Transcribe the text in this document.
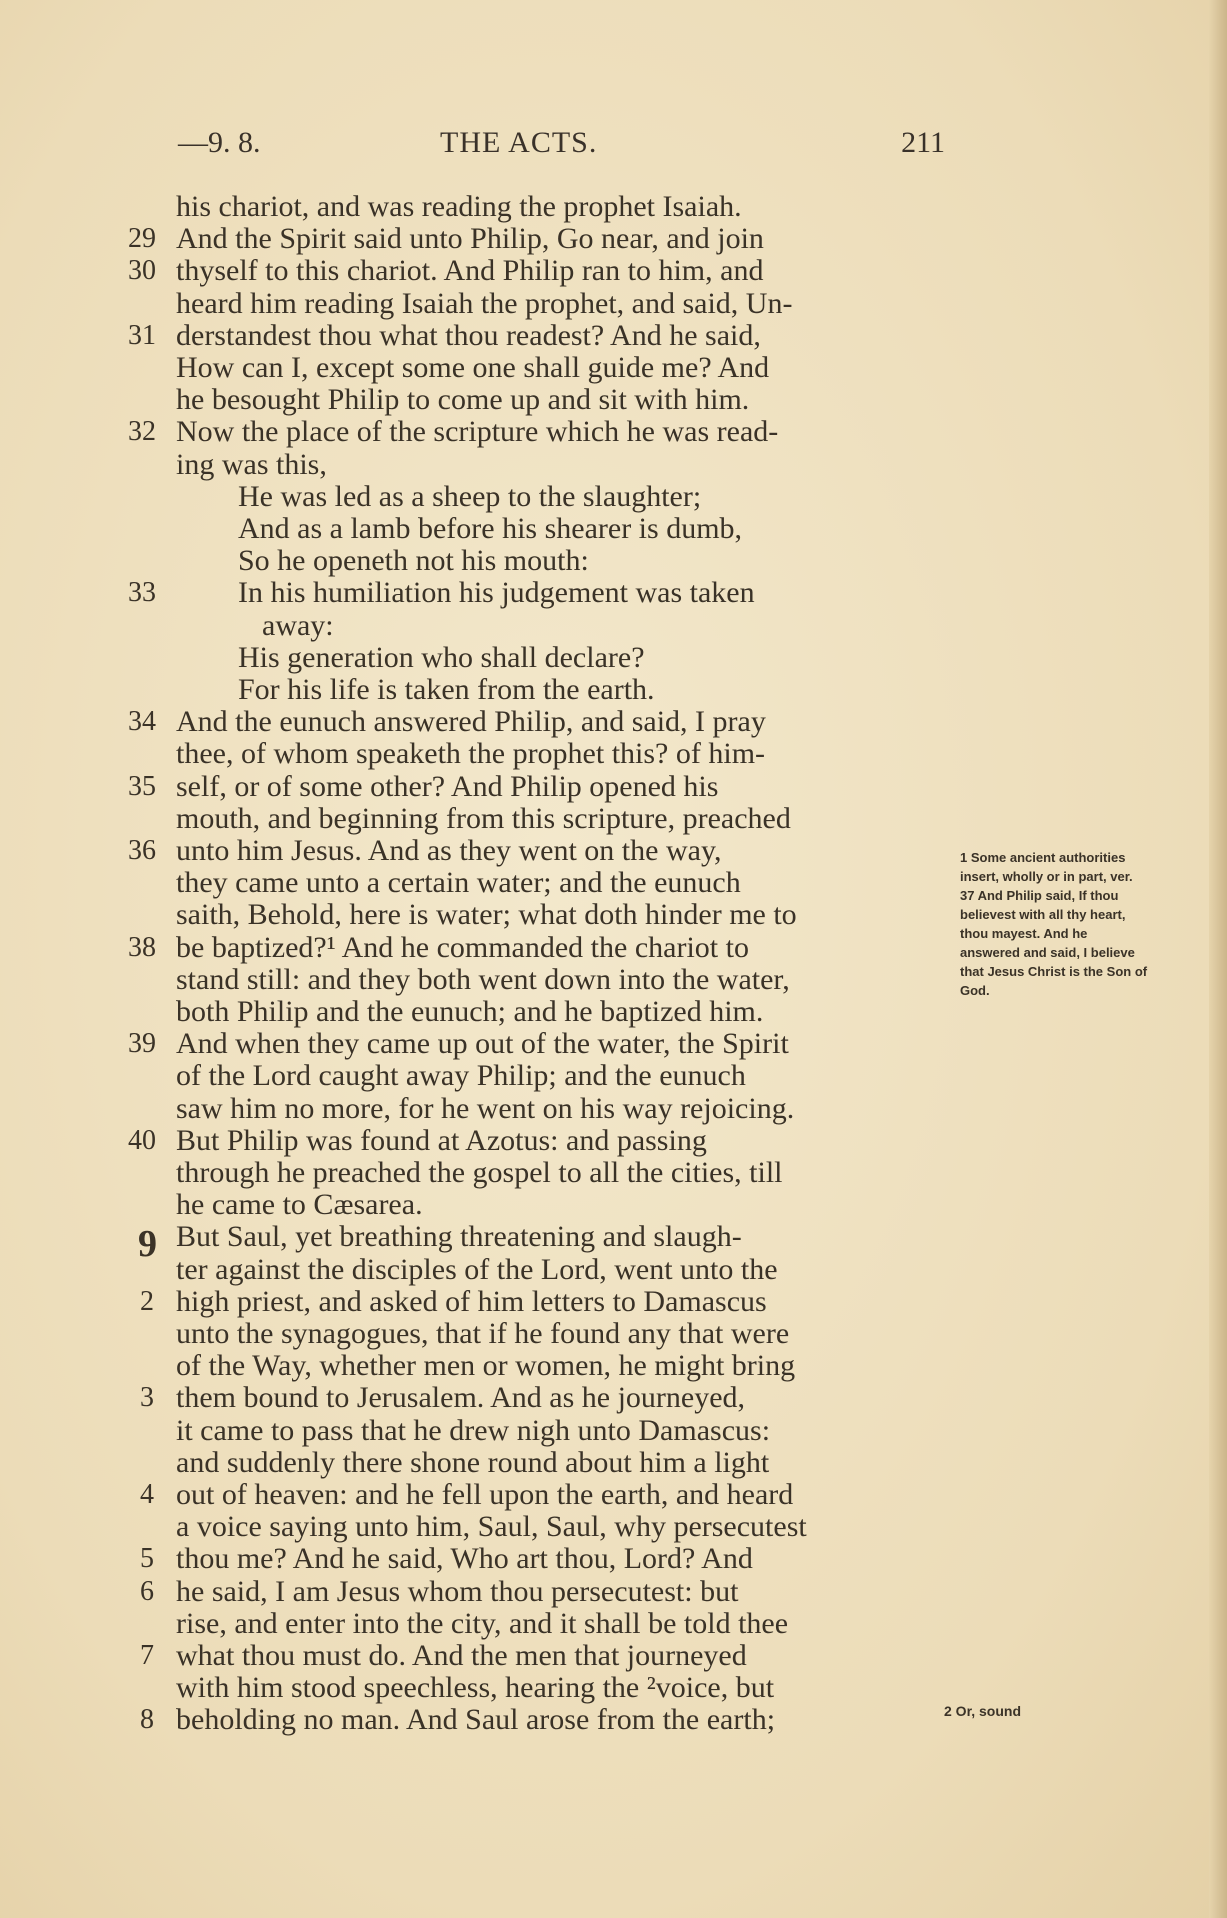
—9. 8.	THE ACTS.	211
his chariot, and was reading the prophet Isaiah.
29 And the Spirit said unto Philip, Go near, and join
30 thyself to this chariot. And Philip ran to him, and
heard him reading Isaiah the prophet, and said, Un-
31 derstandest thou what thou readest? And he said,
How can I, except some one shall guide me? And
he besought Philip to come up and sit with him.
32 Now the place of the scripture which he was read-
ing was this,
He was led as a sheep to the slaughter;
And as a lamb before his shearer is dumb,
So he openeth not his mouth:
33	In his humiliation his judgement was taken
away:
His generation who shall declare?
For his life is taken from the earth.
34 And the eunuch answered Philip, and said, I pray
thee, of whom speaketh the prophet this? of him-
35 self, or of some other? And Philip opened his
mouth, and beginning from this scripture, preached
36 unto him Jesus. And as they went on the way,
they came unto a certain water; and the eunuch
saith, Behold, here is water; what doth hinder me to
38 be baptized?¹ And he commanded the chariot to
stand still: and they both went down into the water,
both Philip and the eunuch; and he baptized him.
39 And when they came up out of the water, the Spirit
of the Lord caught away Philip; and the eunuch
saw him no more, for he went on his way rejoicing.
40 But Philip was found at Azotus: and passing
through he preached the gospel to all the cities, till
he came to Cæsarea.
But Saul, yet breathing threatening and slaugh-
ter against the disciples of the Lord, went unto the
2 high priest, and asked of him letters to Damascus
unto the synagogues, that if he found any that were
of the Way, whether men or women, he might bring
3 them bound to Jerusalem. And as he journeyed,
it came to pass that he drew nigh unto Damascus:
and suddenly there shone round about him a light
4 out of heaven: and he fell upon the earth, and heard
a voice saying unto him, Saul, Saul, why persecutest
5 thou me? And he said, Who art thou, Lord? And
6 he said, I am Jesus whom thou persecutest: but
rise, and enter into the city, and it shall be told thee
7 what thou must do. And the men that journeyed
with him stood speechless, hearing the ²voice, but
8 beholding no man. And Saul arose from the earth;
9
1 Some ancient authorities insert, wholly or in part, ver. 37 And Philip said, If thou believest with all thy heart, thou mayest. And he answered and said, I believe that Jesus Christ is the Son of God.
2 Or, sound
